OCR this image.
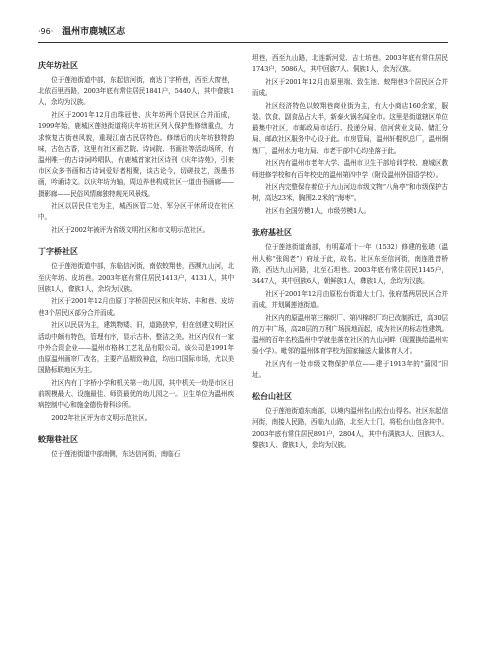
·96· 温州市鹿城区志
庆年坊社区

位于莲池街道中部，东起信河街，南达丁字桥巷，西至大窗巷，北依百里西路，2003年底有常住居民1841户，5440人，其中畲族1人，余均为汉族。

社区于2001年12月由珠冠巷、庆年坊两个居民区合并而成，1999年始，鹿城区莲池街道将庆年坊社区列入保护性修缮重点，力求恢复古街巷风貌，重现江南古民居特色。修缮后的庆年坊独特韵味，古色古香，这里有社区画艺院、诗词院、书画社等活动场所，有温州唯一的古诗词吟唱队，有鹿城首家社区诗刊《庆年诗苑》，引来市区众多书画和古诗词爱好者相聚，谈古论今，切磋技艺，泼墨书画，吟诵诗文。以庆年坊为轴，周边养巷构成社区一道由书画廊——摄影廊——民俗风情廊独特观光风景线。

社区以居民住宅为主，城西医管二处、军分区干休所设在社区中。

社区于2002年被评为省级文明社区和市文明示范社区。

丁字桥社区

位于莲池街道中部，东临信河街，南依蛟翔巷，西濒九山河，北至庆年坊、皮坊巷。2003年底有常住居民1413户，4131人，其中回族1人，畲族1人，余均为汉族。

社区于2001年12月由原丁字桥居民区和庆年坊、丰和巷、皮坊巷3个居民区部分合并而成。

社区以民居为主，建筑物矮、旧，道路狭窄，但在创建文明社区活动中颇有特色，管理有序，显示古朴、整洁之美。社区内仅有一家中外合资企业——温州市格林工艺礼品有限公司。该公司是1991年由原温州画帘厂改名，主要产品精致神盒，均出口国际市场，尤以美国路标联地区为主。

社区内有丁字桥小学和机关第一幼儿园，其中机关一幼是市区日前规模最大、设施最佳、师资最优的幼儿园之一。卫生单位为温州疾病控制中心和施金德伤骨科诊所。

2002年社区评为市文明示范社区。

蛟翔巷社区

位于莲池街道中部南侧，东达信河街，南临石

坦巷，西至九山路，北连新河觉、吉士坊巷。2003年底有常住居民1743户，5086人，其中回族7人、侗族1人，余为汉族。

社区于2001年12月由原里端、致生池、蛟翔巷3个居民区合并而成。

社区经济特色以蛟翔巷商业街为主，有大小商店160余家，服装、饮食、副食品占大半，新泰火锅名闻全市。这里是街道辖区单位最集中社区，市邮政局市话行、投递分局、信河营业支局、储汇分局、邮政社区服务中心设于此。市房管局，温州轩棍织总厂，温州炯炼厂，温州水力电力局、市老干部中心均坐落于此。

社区内有温州市老年大学、温州市卫生干部培训学校、鹿城区教师进修学校和有百年校史的温州第四中学（附设温州外国语学校）。

社区内完整保存着位于九山河边市级文物“八角亭”和市级保护古树，高达23米，胸围2.2米的“海枣”。

社区有全国劳模1人，市级劳模1人。

张府基社区

位于莲池街道南部，有明嘉靖十一年（1532）修建的张璁（温州人称“张阁老”）府址于此，故名。社区东至信河街，南连胜昔桥路，西达九山河路，北至石坦巷。2003年底有常住居民1145户，3447人，其中回族6人，朝鲜族1人，彝族1人，余均为汉族。

社区于2001年12月由原松台街道大士门、张府基两居民区合并而成，并划属莲池街道。

社区内的原温州第三棉织厂、第四棉织厂均已改制拆迁，高30层的万丰广场，高28层的万利广场拔地而起，成为社区的标志性建筑。温州的百年名校温州中学就坐落在社区的九山河畔（现置换给温州实验小学）。毗邻的温州体育学校为国家输送大量体育人才。

社区内有一处市级文物保护单位——建于1913年的“蒲园”旧址。

松台山社区

位于莲池街道东南部，以境内温州名山松台山得名。社区东起信河街，南接人民路，西临九山路，北至大士门，将松台山包含其中。2003年底有常住居民891户，2804人，其中有满族3人、回族3人、黎族1人、畲族1人，余均为汉族。
